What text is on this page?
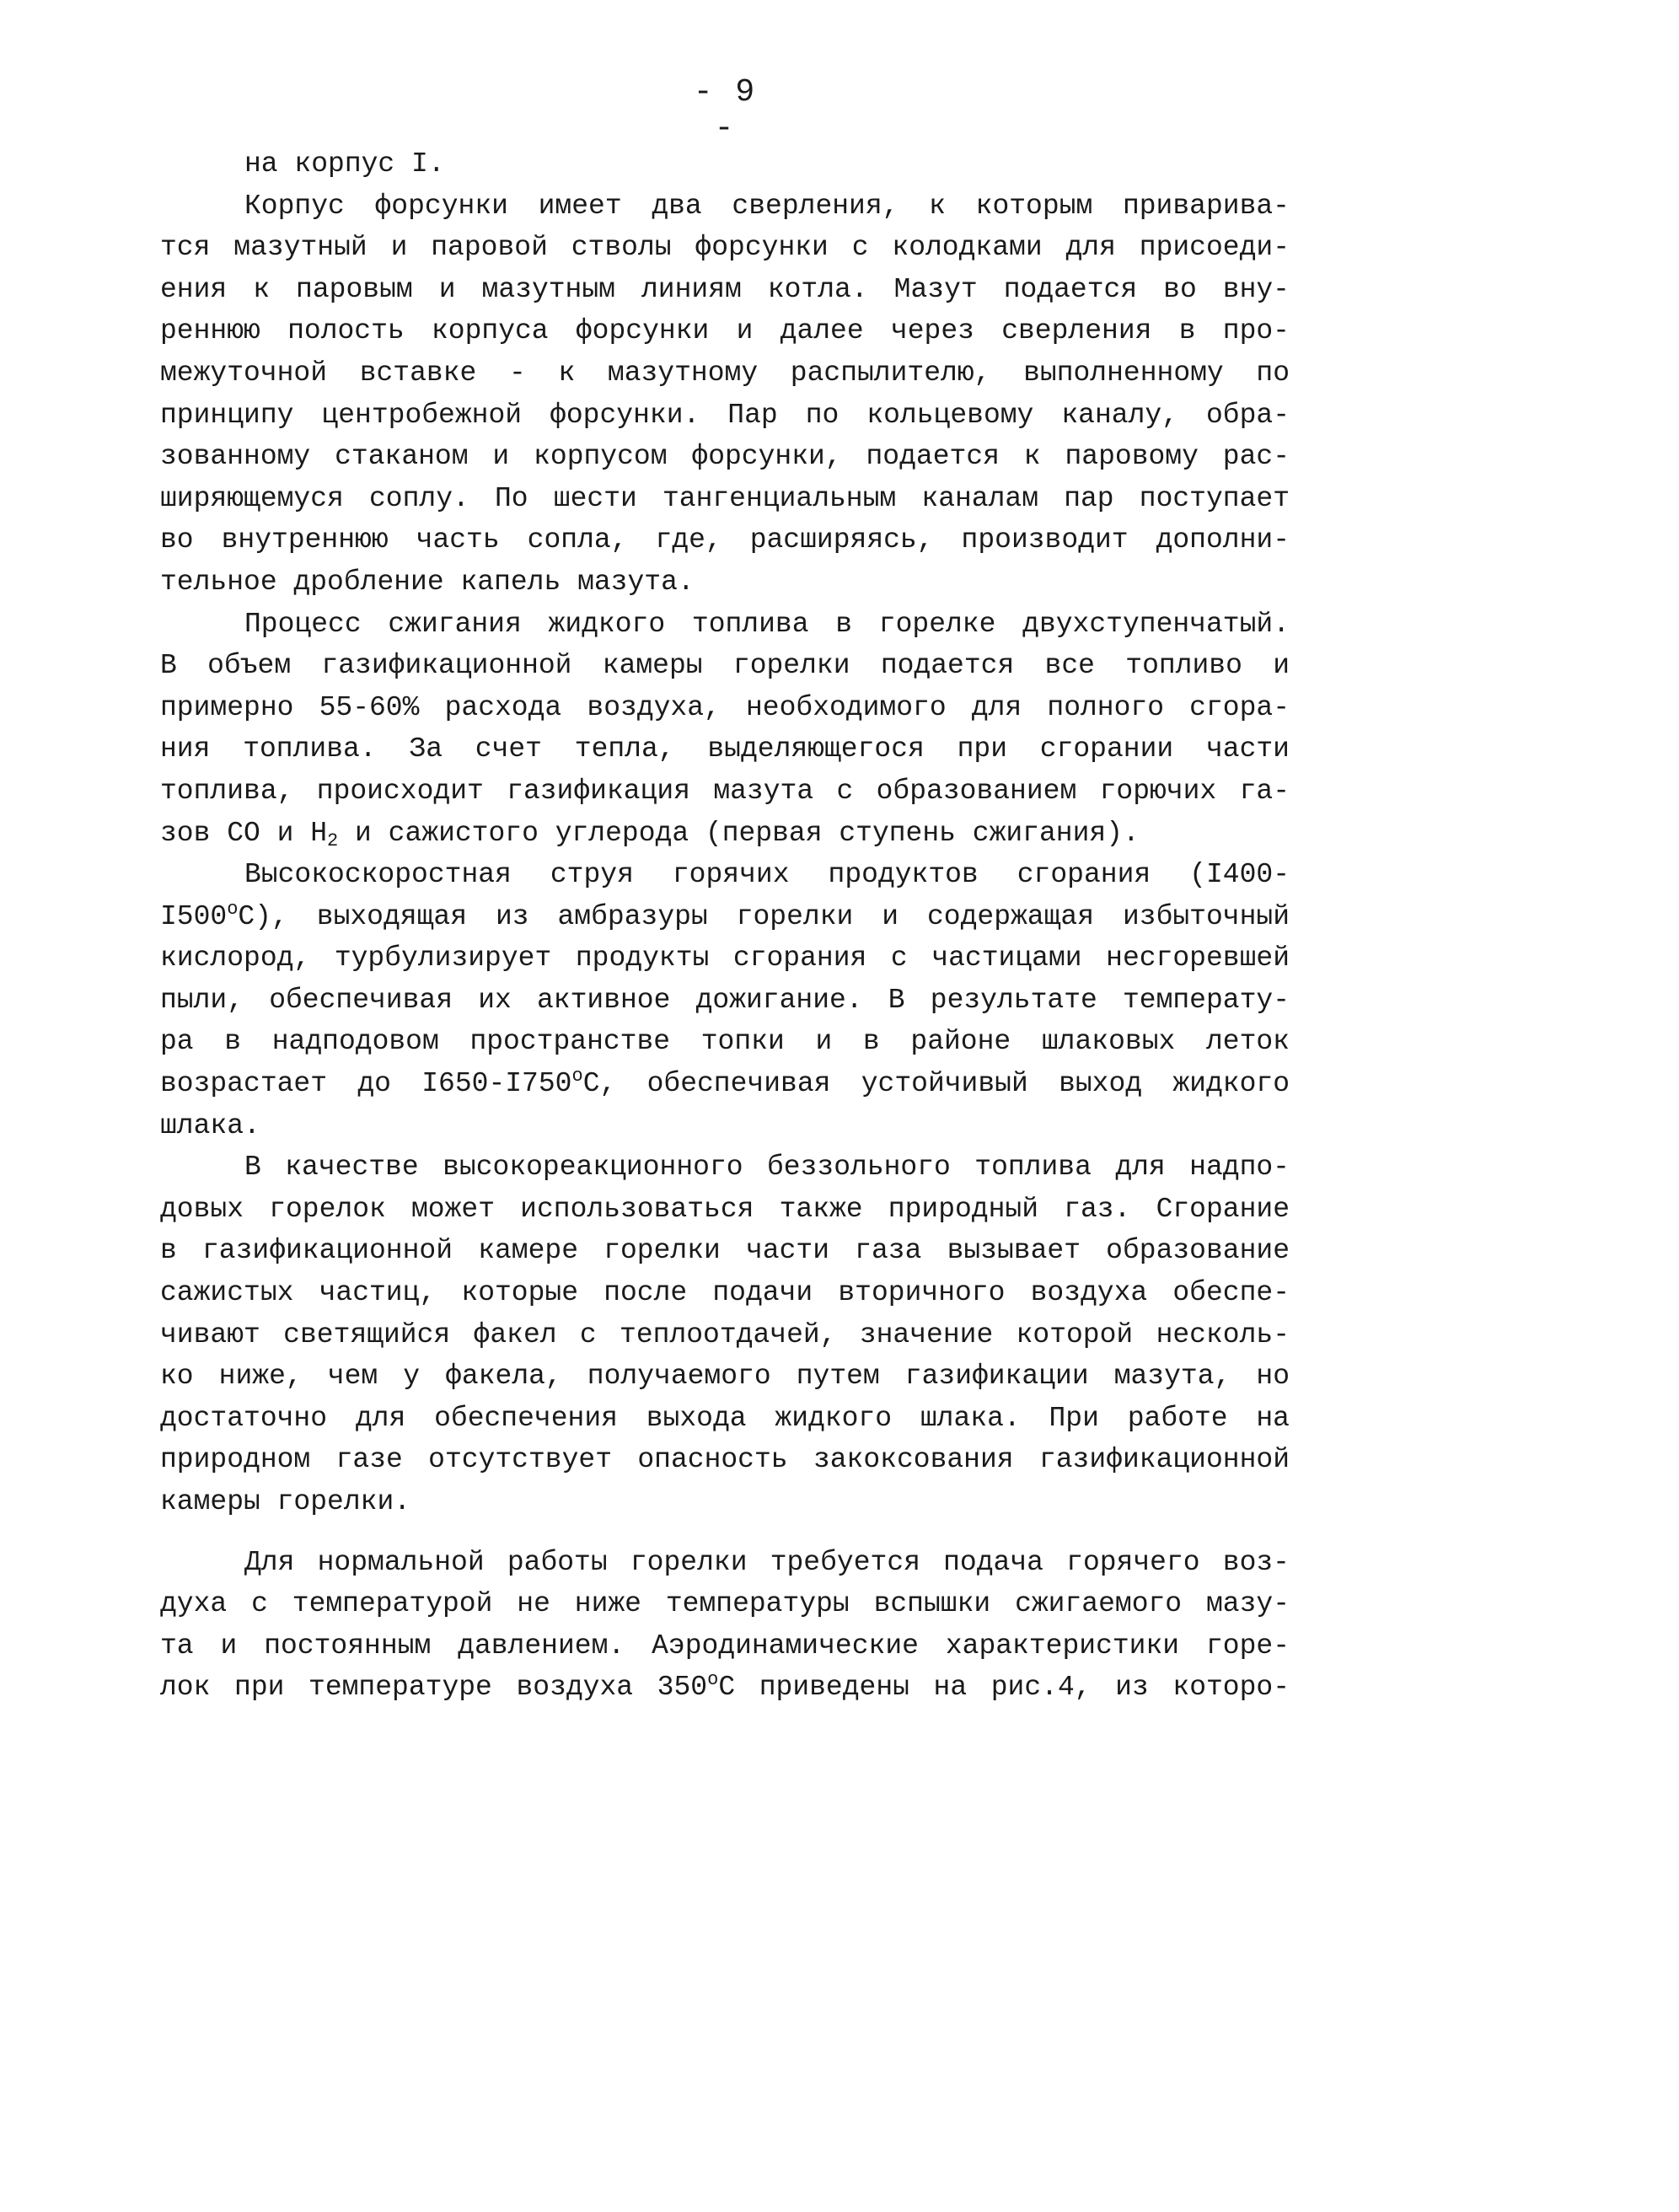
- 9 -
на корпус I.
Корпус форсунки имеет два сверления, к которым приварива-
тся мазутный и паровой стволы форсунки с колодками для присоеди-
ения к паровым и мазутным линиям котла. Мазут подается во вну-
реннюю полость корпуса форсунки и далее через сверления в про-
межуточной вставке - к мазутному распылителю, выполненному по
принципу центробежной форсунки. Пар по кольцевому каналу, обра-
зованному стаканом и корпусом форсунки, подается к паровому рас-
ширяющемуся соплу. По шести тангенциальным каналам пар поступает
во внутреннюю часть сопла, где, расширяясь, производит дополни-
тельное дробление капель мазута.
Процесс сжигания жидкого топлива в горелке двухступенчатый.
В объем газификационной камеры горелки подается все топливо и
примерно 55-60% расхода воздуха, необходимого для полного сгора-
ния топлива. За счет тепла, выделяющегося при сгорании части
топлива, происходит газификация мазута с образованием горючих га-
зов CO и $H_2$ и сажистого углерода (первая ступень сжигания).
Высокоскоростная струя горячих продуктов сгорания (I400-
$I500^оC$), выходящая из амбразуры горелки и содержащая избыточный
кислород, турбулизирует продукты сгорания с частицами несгоревшей
пыли, обеспечивая их активное дожигание. В результате температу-
ра в надподовом пространстве топки и в районе шлаковых леток
возрастает до $I650-I750^оC$, обеспечивая устойчивый выход жидкого
шлака.
В качестве высокореакционного беззольного топлива для надпо-
довых горелок может использоваться также природный газ. Сгорание
в газификационной камере горелки части газа вызывает образование
сажистых частиц, которые после подачи вторичного воздуха обеспе-
чивают светящийся факел с теплоотдачей, значение которой несколь-
ко ниже, чем у факела, получаемого путем газификации мазута, но
достаточно для обеспечения выхода жидкого шлака. При работе на
природном газе отсутствует опасность закоксования газификационной
камеры горелки.
Для нормальной работы горелки требуется подача горячего воз-
духа с температурой не ниже температуры вспышки сжигаемого мазу-
та и постоянным давлением. Аэродинамические характеристики горе-
лок при температуре воздуха $350^оC$ приведены на рис.4, из которо-
